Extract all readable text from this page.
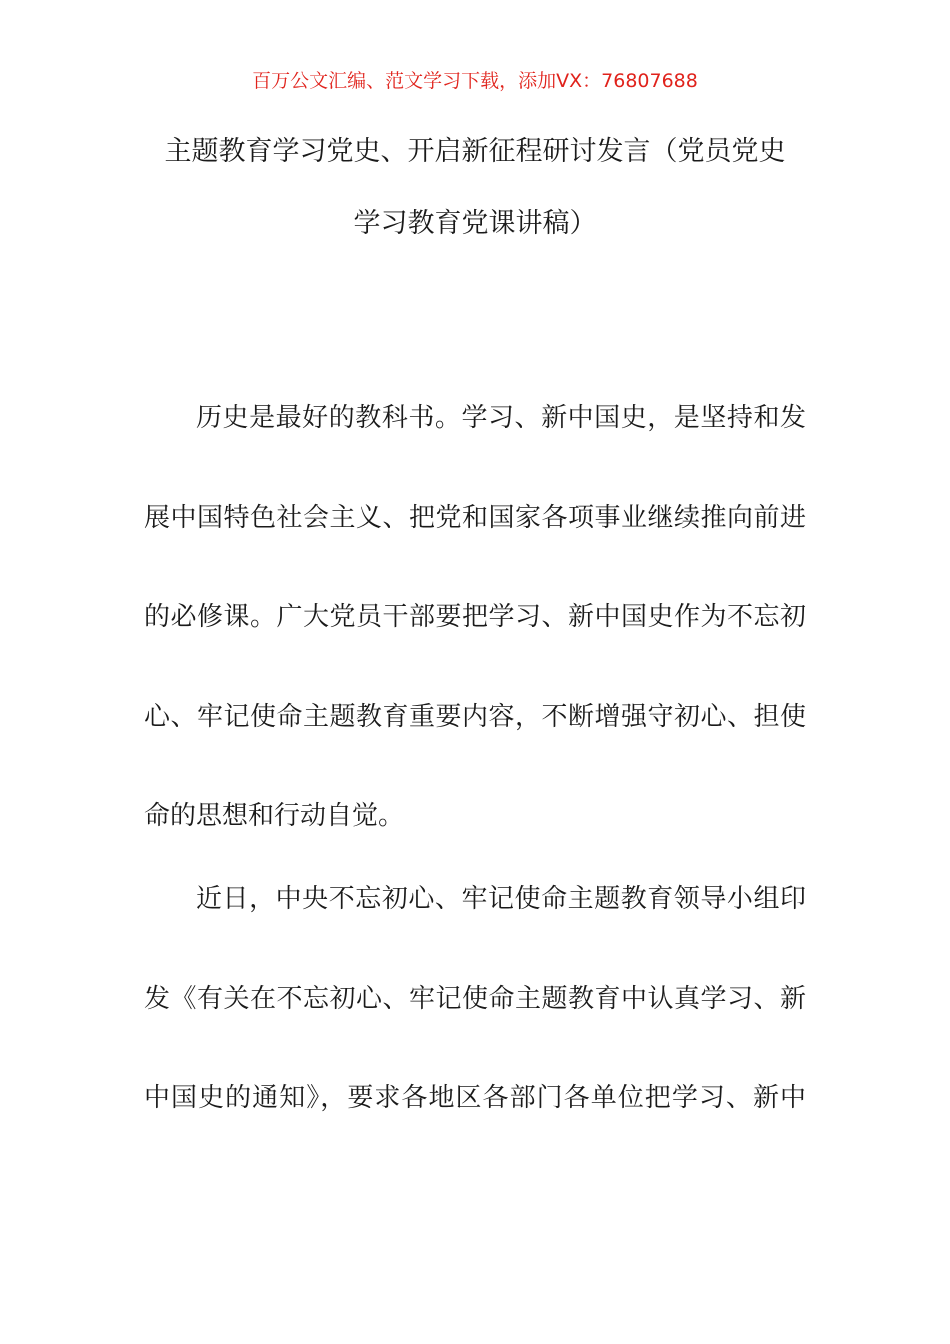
百万公文汇编、范文学习下载，添加VX：76807688
主题教育学习党史、开启新征程研讨发言（党员党史
学习教育党课讲稿）
历史是最好的教科书。学习、新中国史，是坚持和发
展中国特色社会主义、把党和国家各项事业继续推向前进
的必修课。广大党员干部要把学习、新中国史作为不忘初
心、牢记使命主题教育重要内容，不断增强守初心、担使
命的思想和行动自觉。
近日，中央不忘初心、牢记使命主题教育领导小组印
发《有关在不忘初心、牢记使命主题教育中认真学习、新
中国史的通知》，要求各地区各部门各单位把学习、新中
